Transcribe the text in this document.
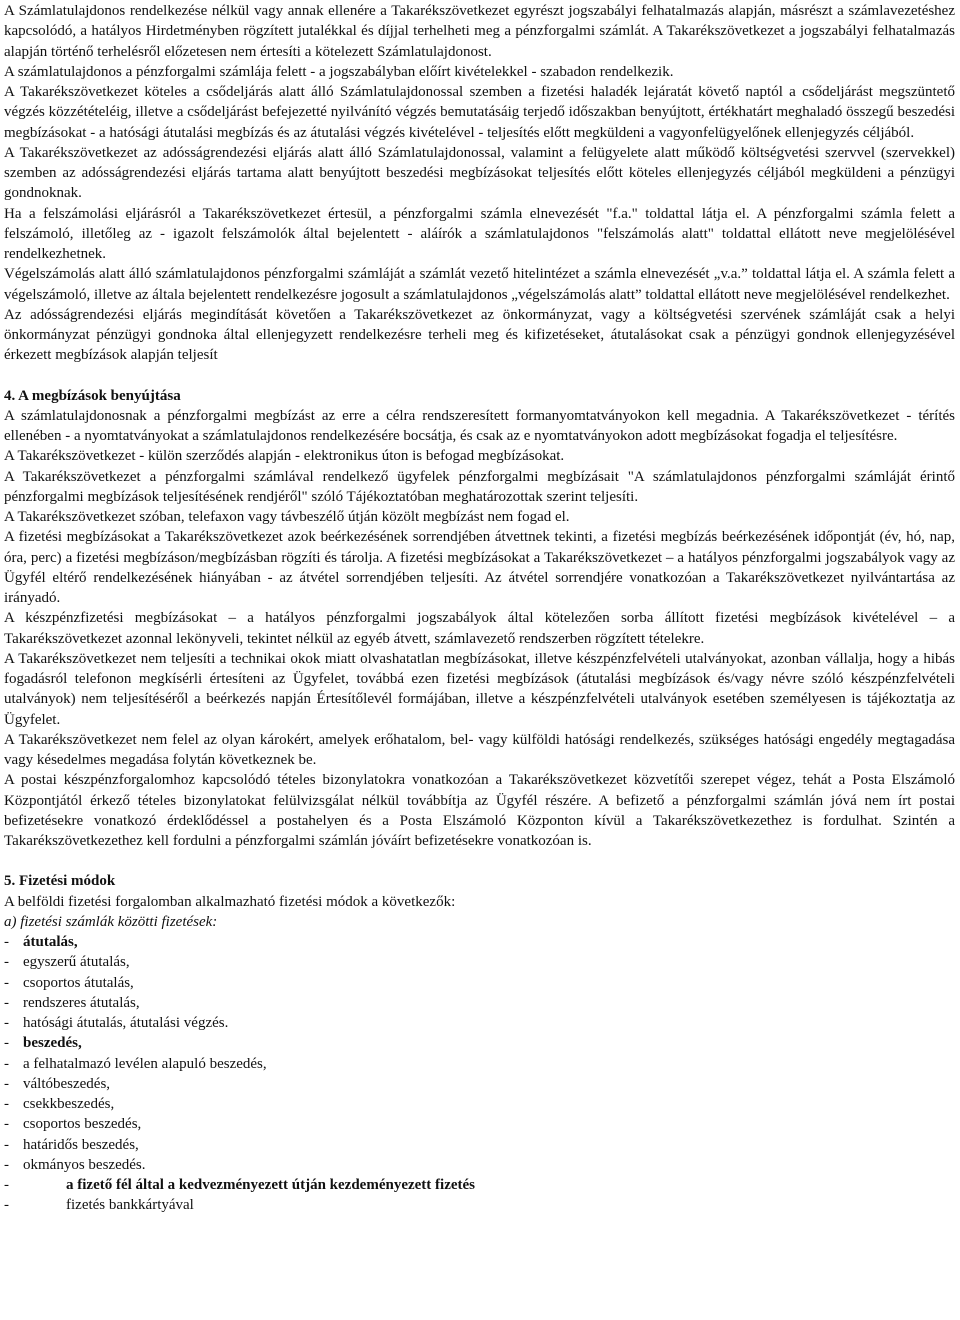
A Számlatulajdonos rendelkezése nélkül vagy annak ellenére a Takarékszövetkezet egyrészt jogszabályi felhatalmazás alapján, másrészt a számlavezetéshez kapcsolódó, a hatályos Hirdetményben rögzített jutalékkal és díjjal terhelheti meg a pénzforgalmi számlát. A Takarékszövetkezet a jogszabályi felhatalmazás alapján történő terhelésről előzetesen nem értesíti a kötelezett Számlatulajdonost.

A számlatulajdonos a pénzforgalmi számlája felett - a jogszabályban előírt kivételekkel - szabadon rendelkezik.

A Takarékszövetkezet köteles a csődeljárás alatt álló Számlatulajdonossal szemben a fizetési haladék lejáratát követő naptól a csődeljárást megszüntető végzés közzétételéig, illetve a csődeljárást befejezetté nyilvánító végzés bemutatásáig terjedő időszakban benyújtott, értékhatárt meghaladó összegű beszedési megbízásokat - a hatósági átutalási megbízás és az átutalási végzés kivételével - teljesítés előtt megküldeni a vagyonfelügyelőnek ellenjegyzés céljából.

A Takarékszövetkezet az adósságrendezési eljárás alatt álló Számlatulajdonossal, valamint a felügyelete alatt működő költségvetési szervvel (szervekkel) szemben az adósságrendezési eljárás tartama alatt benyújtott beszedési megbízásokat teljesítés előtt köteles ellenjegyzés céljából megküldeni a pénzügyi gondnoknak.

Ha a felszámolási eljárásról a Takarékszövetkezet értesül, a pénzforgalmi számla elnevezését "f.a." toldattal látja el. A pénzforgalmi számla felett a felszámoló, illetőleg az - igazolt felszámolók által bejelentett - aláírók a számlatulajdonos "felszámolás alatt" toldattal ellátott neve megjelölésével rendelkezhetnek.

Végelszámolás alatt álló számlatulajdonos pénzforgalmi számláját a számlát vezető hitelintézet a számla elnevezését „v.a.” toldattal látja el. A számla felett a végelszámoló, illetve az általa bejelentett rendelkezésre jogosult a számlatulajdonos „végelszámolás alatt” toldattal ellátott neve megjelölésével rendelkezhet.

Az adósságrendezési eljárás megindítását követően a Takarékszövetkezet az önkormányzat, vagy a költségvetési szervének számláját csak a helyi önkormányzat pénzügyi gondnoka által ellenjegyzett rendelkezésre terheli meg és kifizetéseket, átutalásokat csak a pénzügyi gondnok ellenjegyzésével érkezett megbízások alapján teljesít

4. A megbízások benyújtása

A számlatulajdonosnak a pénzforgalmi megbízást az erre a célra rendszeresített formanyomtatványokon kell megadnia. A Takarékszövetkezet - térítés ellenében - a nyomtatványokat a számlatulajdonos rendelkezésére bocsátja, és csak az e nyomtatványokon adott megbízásokat fogadja el teljesítésre.

A Takarékszövetkezet - külön szerződés alapján - elektronikus úton is befogad megbízásokat.

A Takarékszövetkezet a pénzforgalmi számlával rendelkező ügyfelek pénzforgalmi megbízásait "A számlatulajdonos pénzforgalmi számláját érintő pénzforgalmi megbízások teljesítésének rendjéről" szóló Tájékoztatóban meghatározottak szerint teljesíti.

A Takarékszövetkezet szóban, telefaxon vagy távbeszélő útján közölt megbízást nem fogad el.

A fizetési megbízásokat a Takarékszövetkezet azok beérkezésének sorrendjében átvettnek tekinti, a fizetési megbízás beérkezésének időpontját (év, hó, nap, óra, perc) a fizetési megbízáson/megbízásban rögzíti és tárolja. A fizetési megbízásokat a Takarékszövetkezet – a hatályos pénzforgalmi jogszabályok vagy az Ügyfél eltérő rendelkezésének hiányában - az átvétel sorrendjében teljesíti. Az átvétel sorrendjére vonatkozóan a Takarékszövetkezet nyilvántartása az irányadó.

A készpénzfizetési megbízásokat – a hatályos pénzforgalmi jogszabályok által kötelezően sorba állított fizetési megbízások kivételével – a Takarékszövetkezet azonnal lekönyveli, tekintet nélkül az egyéb átvett, számlavezető rendszerben rögzített tételekre.

A Takarékszövetkezet nem teljesíti a technikai okok miatt olvashatatlan megbízásokat, illetve készpénzfelvételi utalványokat, azonban vállalja, hogy a hibás fogadásról telefonon megkísérli értesíteni az Ügyfelet, továbbá ezen fizetési megbízások (átutalási megbízások és/vagy névre szóló készpénzfelvételi utalványok) nem teljesítéséről a beérkezés napján Értesítőlevél formájában, illetve a készpénzfelvételi utalványok esetében személyesen is tájékoztatja az Ügyfelet.

A Takarékszövetkezet nem felel az olyan károkért, amelyek erőhatalom, bel- vagy külföldi hatósági rendelkezés, szükséges hatósági engedély megtagadása vagy késedelmes megadása folytán következnek be.

A postai készpénzforgalomhoz kapcsolódó tételes bizonylatokra vonatkozóan a Takarékszövetkezet közvetítői szerepet végez, tehát a Posta Elszámoló Központjától érkező tételes bizonylatokat felülvizsgálat nélkül továbbítja az Ügyfél részére. A befizető a pénzforgalmi számlán jóvá nem írt postai befizetésekre vonatkozó érdeklődéssel a postahelyen és a Posta Elszámoló Központon kívül a Takarékszövetkezethez is fordulhat. Szintén a Takarékszövetkezethez kell fordulni a pénzforgalmi számlán jóváírt befizetésekre vonatkozóan is.

5. Fizetési módok

A belföldi fizetési forgalomban alkalmazható fizetési módok a következők:

a) fizetési számlák közötti fizetések:

- átutalás,
- egyszerű átutalás,
- csoportos átutalás,
- rendszeres átutalás,
- hatósági átutalás, átutalási végzés.
- beszedés,
- a felhatalmazó levélen alapuló beszedés,
- váltóbeszedés,
- csekkbeszedés,
- csoportos beszedés,
- határidős beszedés,
- okmányos beszedés.
-	a fizető fél által a kedvezményezett útján kezdeményezett fizetés
-	fizetés bankkártyával
